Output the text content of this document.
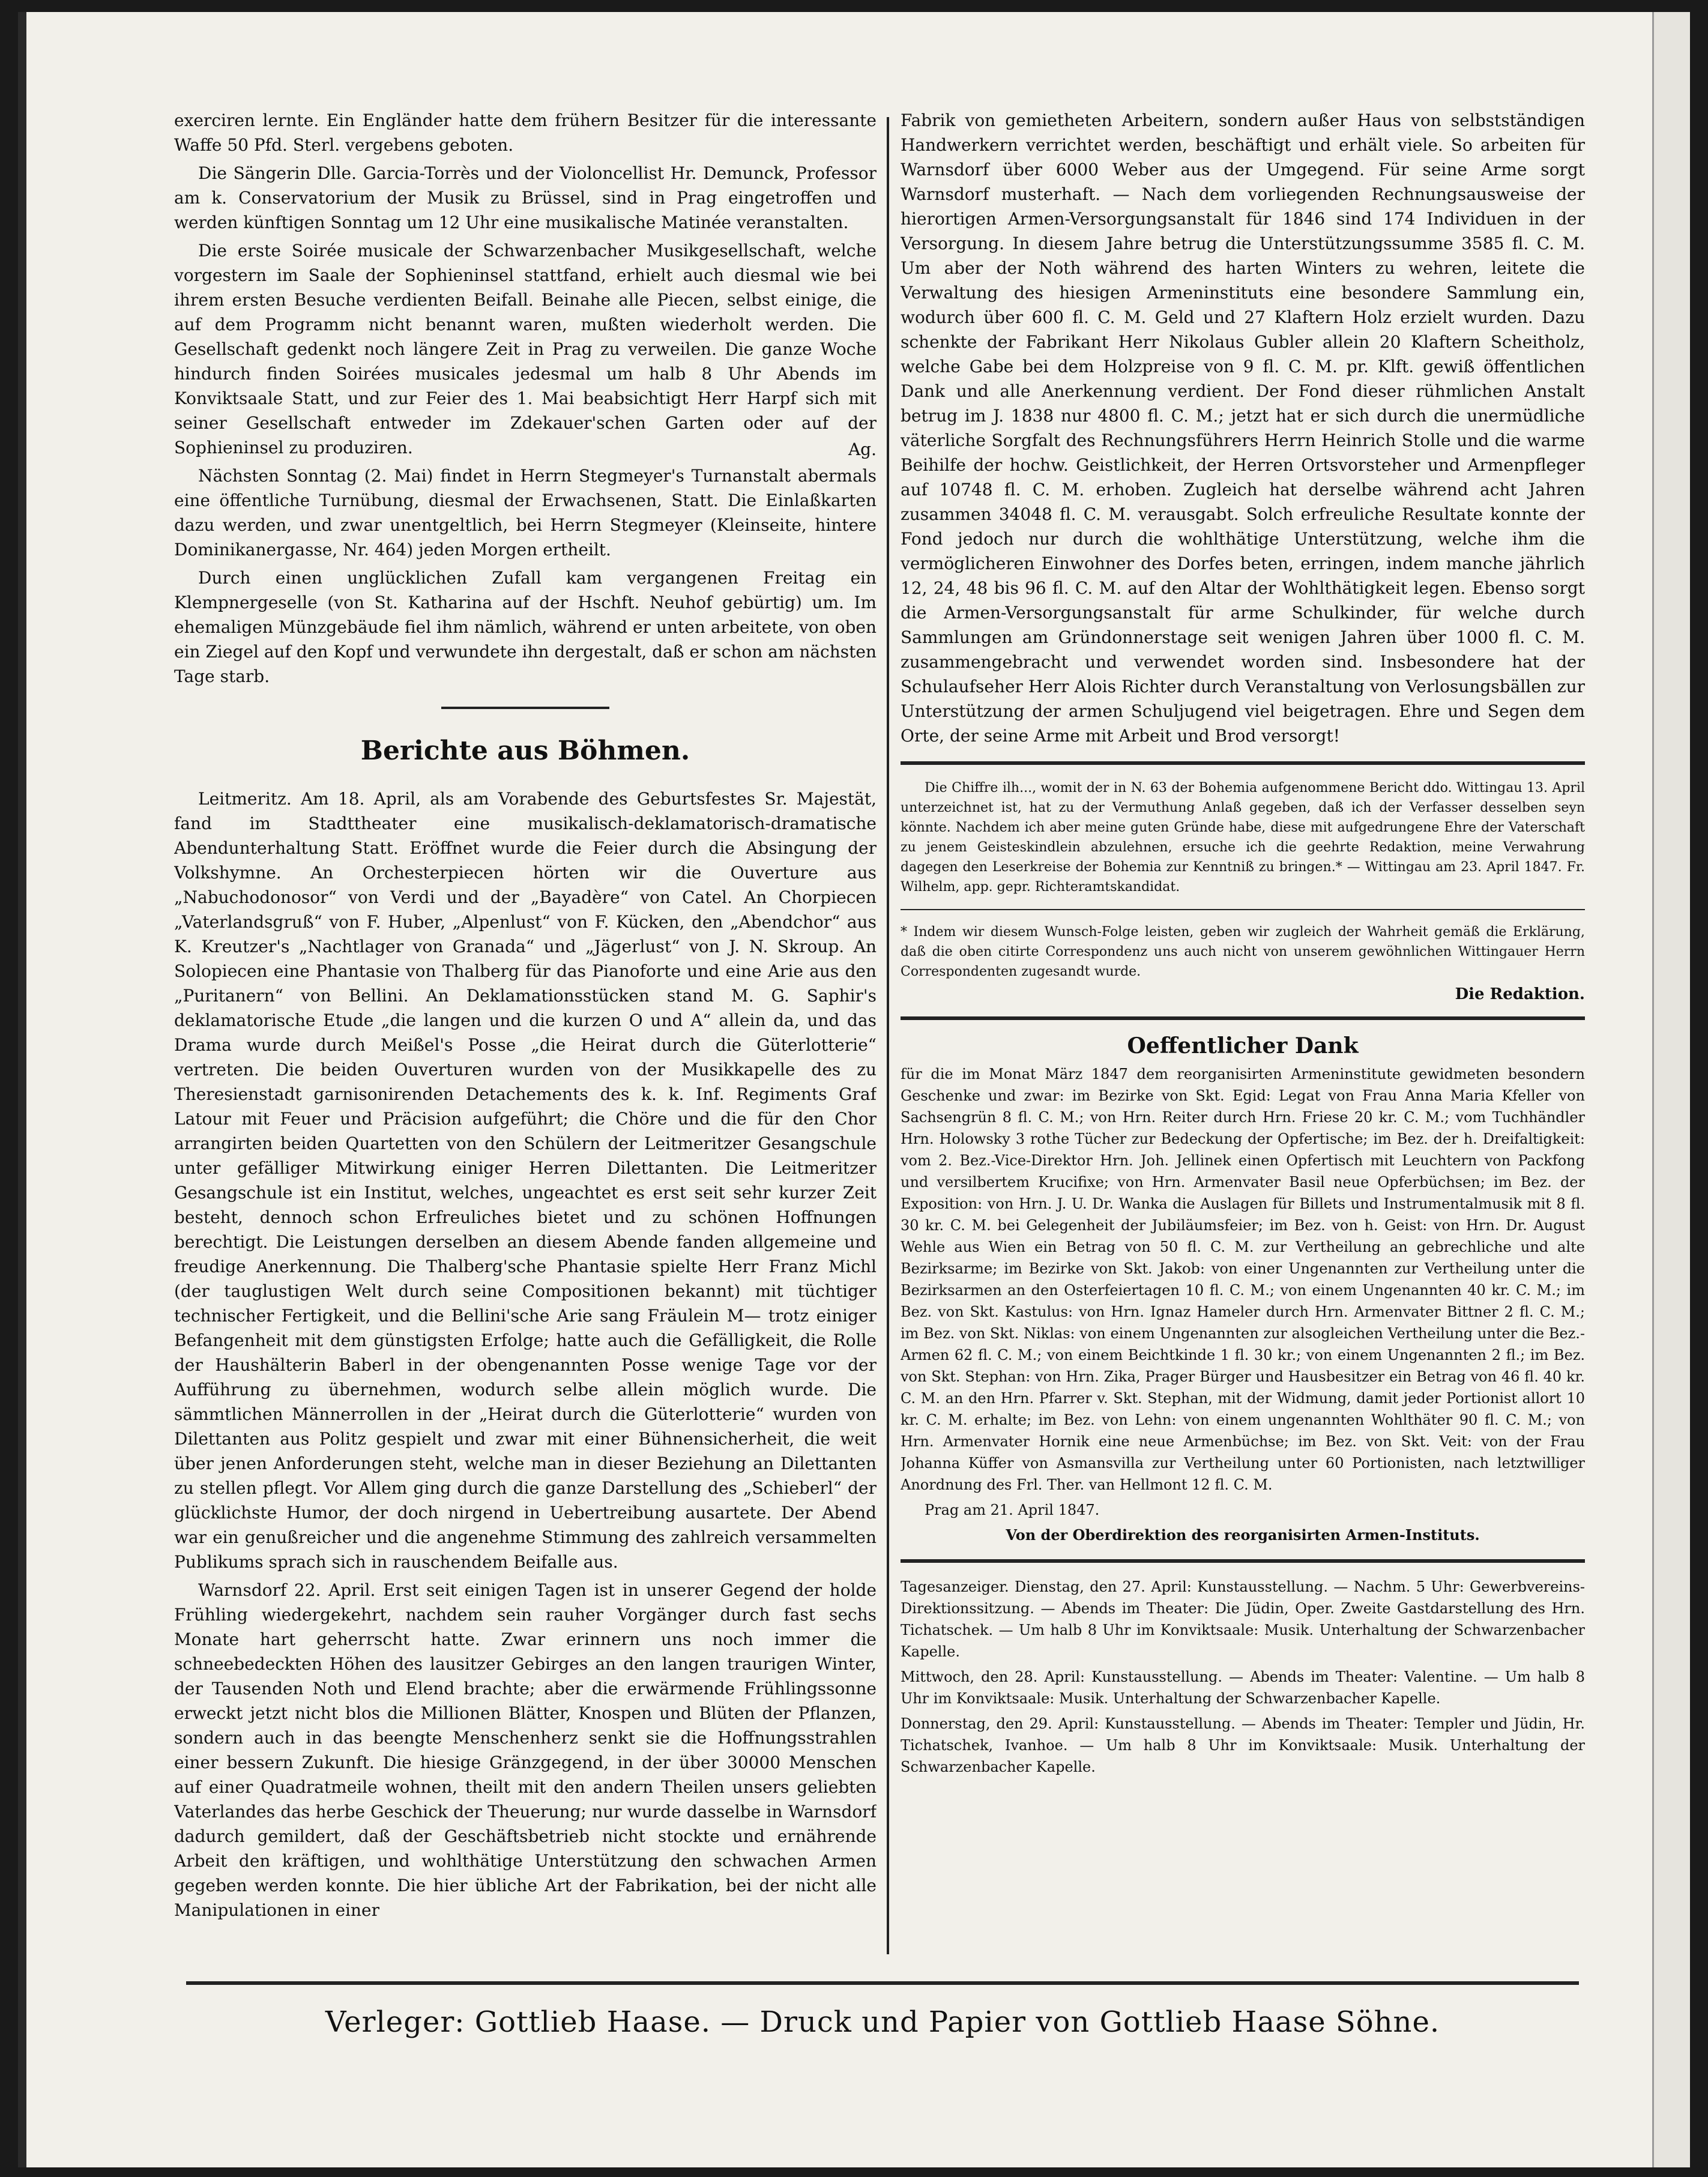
exerciren lernte. Ein Engländer hatte dem frühern Besitzer für die interessante Waffe 50 Pfd. Sterl. vergebens geboten.

Die Sängerin Dlle. Garcia-Torrès und der Violoncellist Hr. Demunck, Professor am k. Conservatorium der Musik zu Brüssel, sind in Prag eingetroffen und werden künftigen Sonntag um 12 Uhr eine musikalische Matinée veranstalten.

Die erste Soirée musicale der Schwarzenbacher Musikgesellschaft, welche vorgestern im Saale der Sophieninsel stattfand, erhielt auch diesmal wie bei ihrem ersten Besuche verdienten Beifall. Beinahe alle Piecen, selbst einige, die auf dem Programm nicht benannt waren, mußten wiederholt werden. Die Gesellschaft gedenkt noch längere Zeit in Prag zu verweilen. Die ganze Woche hindurch finden Soirées musicales jedesmal um halb 8 Uhr Abends im Konviktsaale Statt, und zur Feier des 1. Mai beabsichtigt Herr Harpf sich mit seiner Gesellschaft entweder im Zdekauer'schen Garten oder auf der Sophieninsel zu produziren.	Ag.

Nächsten Sonntag (2. Mai) findet in Herrn Stegmeyer's Turnanstalt abermals eine öffentliche Turnübung, diesmal der Erwachsenen, Statt. Die Einlaßkarten dazu werden, und zwar unentgeltlich, bei Herrn Stegmeyer (Kleinseite, hintere Dominikanergasse, Nr. 464) jeden Morgen ertheilt.

Durch einen unglücklichen Zufall kam vergangenen Freitag ein Klempnergeselle (von St. Katharina auf der Hschft. Neuhof gebürtig) um. Im ehemaligen Münzgebäude fiel ihm nämlich, während er unten arbeitete, von oben ein Ziegel auf den Kopf und verwundete ihn dergestalt, daß er schon am nächsten Tage starb.

Berichte aus Böhmen.

Leitmeritz. Am 18. April, als am Vorabende des Geburtsfestes Sr. Majestät, fand im Stadttheater eine musikalisch-deklamatorisch-dramatische Abendunterhaltung Statt. Eröffnet wurde die Feier durch die Absingung der Volkshymne. An Orchesterpiecen hörten wir die Ouverture aus „Nabuchodonosor“ von Verdi und der „Bayadère“ von Catel. An Chorpiecen „Vaterlandsgruß“ von F. Huber, „Alpenlust“ von F. Kücken, den „Abendchor“ aus K. Kreutzer's „Nachtlager von Granada“ und „Jägerlust“ von J. N. Skroup. An Solopiecen eine Phantasie von Thalberg für das Pianoforte und eine Arie aus den „Puritanern“ von Bellini. An Deklamationsstücken stand M. G. Saphir's deklamatorische Etude „die langen und die kurzen O und A“ allein da, und das Drama wurde durch Meißel's Posse „die Heirat durch die Güterlotterie“ vertreten. Die beiden Ouverturen wurden von der Musikkapelle des zu Theresienstadt garnisonirenden Detachements des k. k. Inf. Regiments Graf Latour mit Feuer und Präcision aufgeführt; die Chöre und die für den Chor arrangirten beiden Quartetten von den Schülern der Leitmeritzer Gesangschule unter gefälliger Mitwirkung einiger Herren Dilettanten. Die Leitmeritzer Gesangschule ist ein Institut, welches, ungeachtet es erst seit sehr kurzer Zeit besteht, dennoch schon Erfreuliches bietet und zu schönen Hoffnungen berechtigt. Die Leistungen derselben an diesem Abende fanden allgemeine und freudige Anerkennung. Die Thalberg'sche Phantasie spielte Herr Franz Michl (der tauglustigen Welt durch seine Compositionen bekannt) mit tüchtiger technischer Fertigkeit, und die Bellini'sche Arie sang Fräulein M— trotz einiger Befangenheit mit dem günstigsten Erfolge; hatte auch die Gefälligkeit, die Rolle der Haushälterin Baberl in der obengenannten Posse wenige Tage vor der Aufführung zu übernehmen, wodurch selbe allein möglich wurde. Die sämmtlichen Männerrollen in der „Heirat durch die Güterlotterie“ wurden von Dilettanten aus Politz gespielt und zwar mit einer Bühnensicherheit, die weit über jenen Anforderungen steht, welche man in dieser Beziehung an Dilettanten zu stellen pflegt. Vor Allem ging durch die ganze Darstellung des „Schieberl“ der glücklichste Humor, der doch nirgend in Uebertreibung ausartete. Der Abend war ein genußreicher und die angenehme Stimmung des zahlreich versammelten Publikums sprach sich in rauschendem Beifalle aus.

Warnsdorf 22. April. Erst seit einigen Tagen ist in unserer Gegend der holde Frühling wiedergekehrt, nachdem sein rauher Vorgänger durch fast sechs Monate hart geherrscht hatte. Zwar erinnern uns noch immer die schneebedeckten Höhen des lausitzer Gebirges an den langen traurigen Winter, der Tausenden Noth und Elend brachte; aber die erwärmende Frühlingssonne erweckt jetzt nicht blos die Millionen Blätter, Knospen und Blüten der Pflanzen, sondern auch in das beengte Menschenherz senkt sie die Hoffnungsstrahlen einer bessern Zukunft. Die hiesige Gränzgegend, in der über 30000 Menschen auf einer Quadratmeile wohnen, theilt mit den andern Theilen unsers geliebten Vaterlandes das herbe Geschick der Theuerung; nur wurde dasselbe in Warnsdorf dadurch gemildert, daß der Geschäftsbetrieb nicht stockte und ernährende Arbeit den kräftigen, und wohlthätige Unterstützung den schwachen Armen gegeben werden konnte. Die hier übliche Art der Fabrikation, bei der nicht alle Manipulationen in einer

Fabrik von gemietheten Arbeitern, sondern außer Haus von selbstständigen Handwerkern verrichtet werden, beschäftigt und erhält viele. So arbeiten für Warnsdorf über 6000 Weber aus der Umgegend. Für seine Arme sorgt Warnsdorf musterhaft. — Nach dem vorliegenden Rechnungsausweise der hierortigen Armen-Versorgungsanstalt für 1846 sind 174 Individuen in der Versorgung. In diesem Jahre betrug die Unterstützungssumme 3585 fl. C. M. Um aber der Noth während des harten Winters zu wehren, leitete die Verwaltung des hiesigen Armeninstituts eine besondere Sammlung ein, wodurch über 600 fl. C. M. Geld und 27 Klaftern Holz erzielt wurden. Dazu schenkte der Fabrikant Herr Nikolaus Gubler allein 20 Klaftern Scheitholz, welche Gabe bei dem Holzpreise von 9 fl. C. M. pr. Klft. gewiß öffentlichen Dank und alle Anerkennung verdient. Der Fond dieser rühmlichen Anstalt betrug im J. 1838 nur 4800 fl. C. M.; jetzt hat er sich durch die unermüdliche väterliche Sorgfalt des Rechnungsführers Herrn Heinrich Stolle und die warme Beihilfe der hochw. Geistlichkeit, der Herren Ortsvorsteher und Armenpfleger auf 10748 fl. C. M. erhoben. Zugleich hat derselbe während acht Jahren zusammen 34048 fl. C. M. verausgabt. Solch erfreuliche Resultate konnte der Fond jedoch nur durch die wohlthätige Unterstützung, welche ihm die vermöglicheren Einwohner des Dorfes beten, erringen, indem manche jährlich 12, 24, 48 bis 96 fl. C. M. auf den Altar der Wohlthätigkeit legen. Ebenso sorgt die Armen-Versorgungsanstalt für arme Schulkinder, für welche durch Sammlungen am Gründonnerstage seit wenigen Jahren über 1000 fl. C. M. zusammengebracht und verwendet worden sind. Insbesondere hat der Schulaufseher Herr Alois Richter durch Veranstaltung von Verlosungsbällen zur Unterstützung der armen Schuljugend viel beigetragen. Ehre und Segen dem Orte, der seine Arme mit Arbeit und Brod versorgt!

Die Chiffre ilh..., womit der in N. 63 der Bohemia aufgenommene Bericht ddo. Wittingau 13. April unterzeichnet ist, hat zu der Vermuthung Anlaß gegeben, daß ich der Verfasser desselben seyn könnte. Nachdem ich aber meine guten Gründe habe, diese mit aufgedrungene Ehre der Vaterschaft zu jenem Geisteskindlein abzulehnen, ersuche ich die geehrte Redaktion, meine Verwahrung dagegen den Leserkreise der Bohemia zur Kenntniß zu bringen.* — Wittingau am 23. April 1847. Fr. Wilhelm, app. gepr. Richteramtskandidat.

* Indem wir diesem Wunsch-Folge leisten, geben wir zugleich der Wahrheit gemäß die Erklärung, daß die oben citirte Correspondenz uns auch nicht von unserem gewöhnlichen Wittingauer Herrn Correspondenten zugesandt wurde.

Die Redaktion.
Oeffentlicher Dank

für die im Monat März 1847 dem reorganisirten Armeninstitute gewidmeten besondern Geschenke und zwar: im Bezirke von Skt. Egid: Legat von Frau Anna Maria Kfeller von Sachsengrün 8 fl. C. M.; von Hrn. Reiter durch Hrn. Friese 20 kr. C. M.; vom Tuchhändler Hrn. Holowsky 3 rothe Tücher zur Bedeckung der Opfertische; im Bez. der h. Dreifaltigkeit: vom 2. Bez.-Vice-Direktor Hrn. Joh. Jellinek einen Opfertisch mit Leuchtern von Packfong und versilbertem Krucifixe; von Hrn. Armenvater Basil neue Opferbüchsen; im Bez. der Exposition: von Hrn. J. U. Dr. Wanka die Auslagen für Billets und Instrumentalmusik mit 8 fl. 30 kr. C. M. bei Gelegenheit der Jubiläumsfeier; im Bez. von h. Geist: von Hrn. Dr. August Wehle aus Wien ein Betrag von 50 fl. C. M. zur Vertheilung an gebrechliche und alte Bezirksarme; im Bezirke von Skt. Jakob: von einer Ungenannten zur Vertheilung unter die Bezirksarmen an den Osterfeiertagen 10 fl. C. M.; von einem Ungenannten 40 kr. C. M.; im Bez. von Skt. Kastulus: von Hrn. Ignaz Hameler durch Hrn. Armenvater Bittner 2 fl. C. M.; im Bez. von Skt. Niklas: von einem Ungenannten zur alsogleichen Vertheilung unter die Bez.-Armen 62 fl. C. M.; von einem Beichtkinde 1 fl. 30 kr.; von einem Ungenannten 2 fl.; im Bez. von Skt. Stephan: von Hrn. Zika, Prager Bürger und Hausbesitzer ein Betrag von 46 fl. 40 kr. C. M. an den Hrn. Pfarrer v. Skt. Stephan, mit der Widmung, damit jeder Portionist allort 10 kr. C. M. erhalte; im Bez. von Lehn: von einem ungenannten Wohlthäter 90 fl. C. M.; von Hrn. Armenvater Hornik eine neue Armenbüchse; im Bez. von Skt. Veit: von der Frau Johanna Küffer von Asmansvilla zur Vertheilung unter 60 Portionisten, nach letztwilliger Anordnung des Frl. Ther. van Hellmont 12 fl. C. M.

Prag am 21. April 1847.

Von der Oberdirektion des reorganisirten Armen-Instituts.

Tagesanzeiger. Dienstag, den 27. April: Kunstausstellung. — Nachm. 5 Uhr: Gewerbvereins-Direktionssitzung. — Abends im Theater: Die Jüdin, Oper. Zweite Gastdarstellung des Hrn. Tichatschek. — Um halb 8 Uhr im Konviktsaale: Musik. Unterhaltung der Schwarzenbacher Kapelle.

Mittwoch, den 28. April: Kunstausstellung. — Abends im Theater: Valentine. — Um halb 8 Uhr im Konviktsaale: Musik. Unterhaltung der Schwarzenbacher Kapelle.

Donnerstag, den 29. April: Kunstausstellung. — Abends im Theater: Templer und Jüdin, Hr. Tichatschek, Ivanhoe. — Um halb 8 Uhr im Konviktsaale: Musik. Unterhaltung der Schwarzenbacher Kapelle.

Verleger: Gottlieb Haase. — Druck und Papier von Gottlieb Haase Söhne.
